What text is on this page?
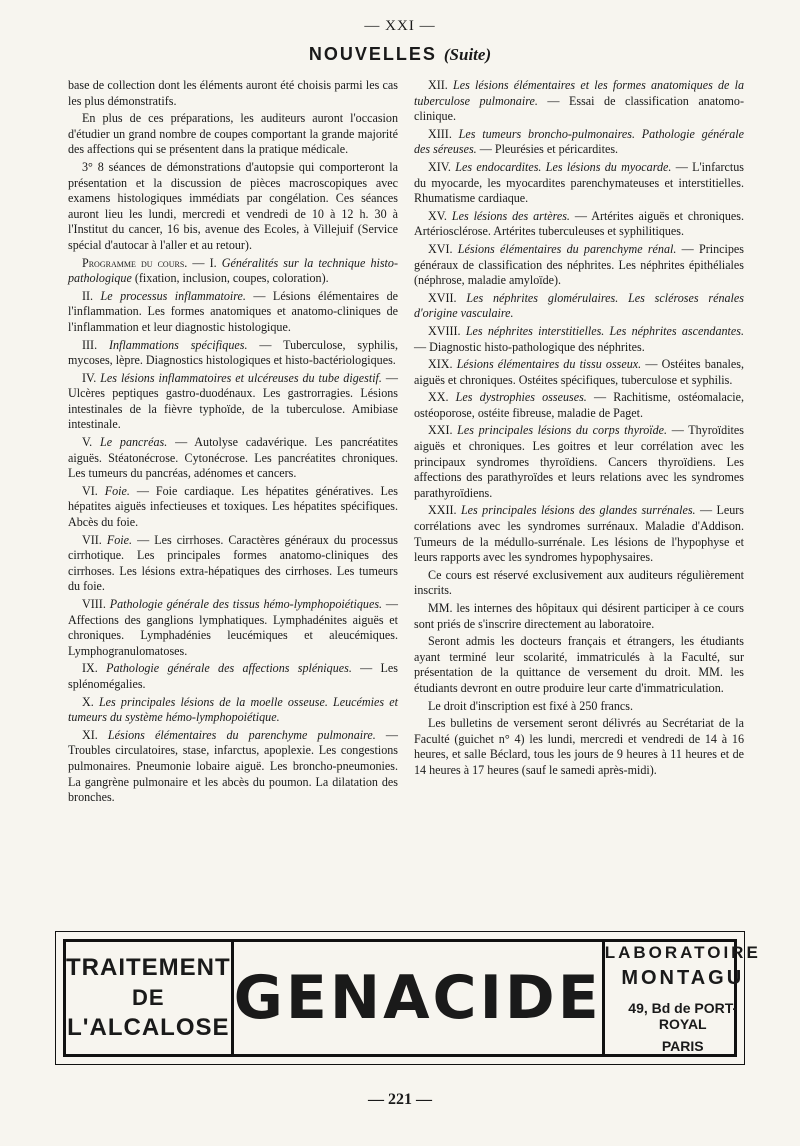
— XXI —
NOUVELLES (Suite)

base de collection dont les éléments auront été choisis parmi les cas les plus démonstratifs.

En plus de ces préparations, les auditeurs auront l'occasion d'étudier un grand nombre de coupes comportant la grande majorité des affections qui se présentent dans la pratique médicale.

3° 8 séances de démonstrations d'autopsie qui comporteront la présentation et la discussion de pièces macroscopiques avec examens histologiques immédiats par congélation. Ces séances auront lieu les lundi, mercredi et vendredi de 10 à 12 h. 30 à l'Institut du cancer, 16 bis, avenue des Ecoles, à Villejuif (Service spécial d'autocar à l'aller et au retour).

Programme du cours. — I. Généralités sur la technique histo-pathologique (fixation, inclusion, coupes, coloration).

II. Le processus inflammatoire. — Lésions élémentaires de l'inflammation. Les formes anatomiques et anatomo-cliniques de l'inflammation et leur diagnostic histologique.

III. Inflammations spécifiques. — Tuberculose, syphilis, mycoses, lèpre. Diagnostics histologiques et histo-bactériologiques.

IV. Les lésions inflammatoires et ulcéreuses du tube digestif. — Ulcères peptiques gastro-duodénaux. Les gastrorragies. Lésions intestinales de la fièvre typhoïde, de la tuberculose. Amibiase intestinale.

V. Le pancréas. — Autolyse cadavérique. Les pancréatites aiguës. Stéatonécrose. Cytonécrose. Les pancréatites chroniques. Les tumeurs du pancréas, adénomes et cancers.

VI. Foie. — Foie cardiaque. Les hépatites génératives. Les hépatites aiguës infectieuses et toxiques. Les hépatites spécifiques. Abcès du foie.

VII. Foie. — Les cirrhoses. Caractères généraux du processus cirrhotique. Les principales formes anatomo-cliniques des cirrhoses. Les lésions extra-hépatiques des cirrhoses. Les tumeurs du foie.

VIII. Pathologie générale des tissus hémo-lymphopoiétiques. — Affections des ganglions lymphatiques. Lymphadénites aiguës et chroniques. Lymphadénies leucémiques et aleucémiques. Lymphogranulomatoses.

IX. Pathologie générale des affections spléniques. — Les splénomégalies.

X. Les principales lésions de la moelle osseuse. Leucémies et tumeurs du système hémo-lymphopoiétique.

XI. Lésions élémentaires du parenchyme pulmonaire. — Troubles circulatoires, stase, infarctus, apoplexie. Les congestions pulmonaires. Pneumonie lobaire aiguë. Les broncho-pneumonies. La gangrène pulmonaire et les abcès du poumon. La dilatation des bronches.

XII. Les lésions élémentaires et les formes anatomiques de la tuberculose pulmonaire. — Essai de classification anatomo-clinique.

XIII. Les tumeurs broncho-pulmonaires. Pathologie générale des séreuses. — Pleurésies et péricardites.

XIV. Les endocardites. Les lésions du myocarde. — L'infarctus du myocarde, les myocardites parenchymateuses et interstitielles. Rhumatisme cardiaque.

XV. Les lésions des artères. — Artérites aiguës et chroniques. Artériosclérose. Artérites tuberculeuses et syphilitiques.

XVI. Lésions élémentaires du parenchyme rénal. — Principes généraux de classification des néphrites. Les néphrites épithéliales (néphrose, maladie amyloïde).

XVII. Les néphrites glomérulaires. Les scléroses rénales d'origine vasculaire.

XVIII. Les néphrites interstitielles. Les néphrites ascendantes. — Diagnostic histo-pathologique des néphrites.

XIX. Lésions élémentaires du tissu osseux. — Ostéites banales, aiguës et chroniques. Ostéites spécifiques, tuberculose et syphilis.

XX. Les dystrophies osseuses. — Rachitisme, ostéomalacie, ostéoporose, ostéite fibreuse, maladie de Paget.

XXI. Les principales lésions du corps thyroïde. — Thyroïdites aiguës et chroniques. Les goitres et leur corrélation avec les principaux syndromes thyroïdiens. Cancers thyroïdiens. Les affections des parathyroïdes et leurs relations avec les syndromes parathyroïdiens.

XXII. Les principales lésions des glandes surrénales. — Leurs corrélations avec les syndromes surrénaux. Maladie d'Addison. Tumeurs de la médullo-surrénale. Les lésions de l'hypophyse et leurs rapports avec les syndromes hypophysaires.

Ce cours est réservé exclusivement aux auditeurs régulièrement inscrits.

MM. les internes des hôpitaux qui désirent participer à ce cours sont priés de s'inscrire directement au laboratoire.

Seront admis les docteurs français et étrangers, les étudiants ayant terminé leur scolarité, immatriculés à la Faculté, sur présentation de la quittance de versement du droit. MM. les étudiants devront en outre produire leur carte d'immatriculation.

Le droit d'inscription est fixé à 250 francs.

Les bulletins de versement seront délivrés au Secrétariat de la Faculté (guichet n° 4) les lundi, mercredi et vendredi de 14 à 16 heures, et salle Béclard, tous les jours de 9 heures à 11 heures et de 14 heures à 17 heures (sauf le samedi après-midi).

TRAITEMENT
DE
L'ALCALOSE GENACIDE
LABORATOIRE
MONTAGU
49, Bd de PORT-ROYAL
PARIS
— 221 —
